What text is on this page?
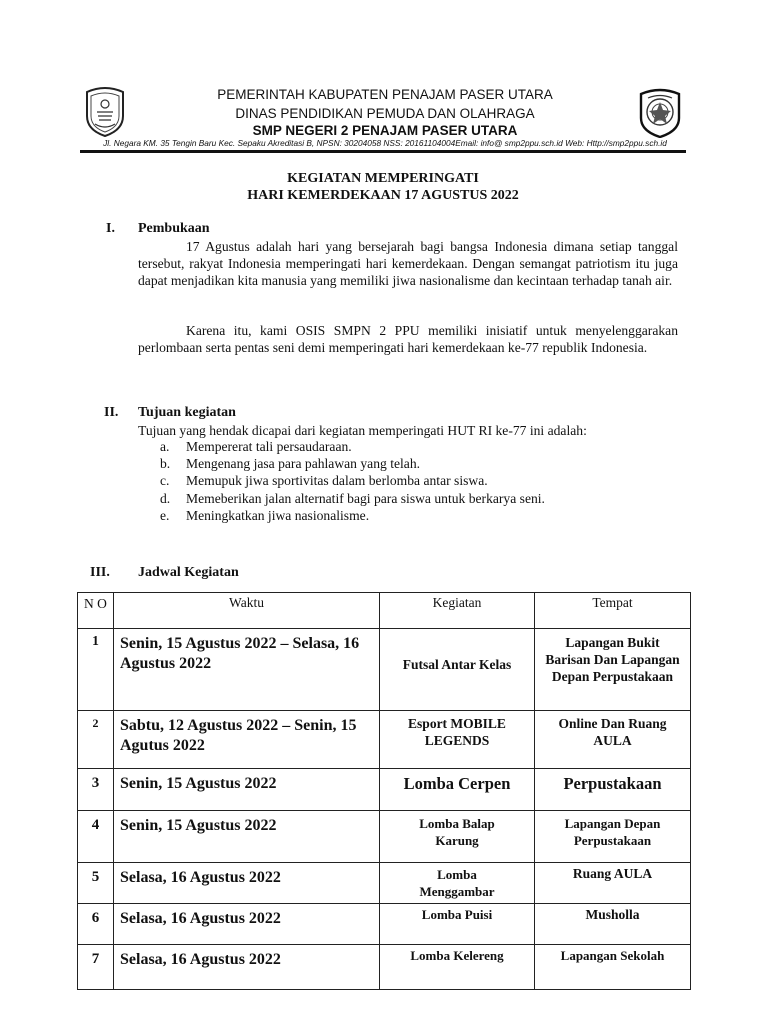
PEMERINTAH KABUPATEN PENAJAM PASER UTARA
DINAS PENDIDIKAN PEMUDA DAN OLAHRAGA
SMP NEGERI 2 PENAJAM PASER UTARA
Jl. Negara KM. 35 Tengin Baru Kec. Sepaku Akreditasi B, NPSN: 30204058 NSS: 20161104004Email: info@ smp2ppu.sch.id Web: Http://smp2ppu.sch.id
KEGIATAN MEMPERINGATI
HARI KEMERDEKAAN 17 AGUSTUS 2022
I. Pembukaan

17 Agustus adalah hari yang bersejarah bagi bangsa Indonesia dimana setiap tanggal tersebut, rakyat Indonesia memperingati hari kemerdekaan. Dengan semangat patriotism itu juga dapat menjadikan kita manusia yang memiliki jiwa nasionalisme dan kecintaan terhadap tanah air.

Karena itu, kami OSIS SMPN 2 PPU memiliki inisiatif untuk menyelenggarakan perlombaan serta pentas seni demi memperingati hari kemerdekaan ke-77 republik Indonesia.

II. Tujuan kegiatan
Tujuan yang hendak dicapai dari kegiatan memperingati HUT RI ke-77 ini adalah:
a.	Mempererat tali persaudaraan.
b.	Mengenang jasa para pahlawan yang telah.
c.	Memupuk jiwa sportivitas dalam berlomba antar siswa.
d.	Memeberikan jalan alternatif bagi para siswa untuk berkarya seni.
e.	Meningkatkan jiwa nasionalisme.
III. Jadwal Kegiatan
N O	Waktu	Kegiatan	Tempat
1	Senin, 15 Agustus 2022 – Selasa, 16 Agustus 2022	Futsal Antar Kelas	Lapangan Bukit Barisan Dan Lapangan Depan Perpustakaan
2	Sabtu, 12 Agustus 2022 – Senin, 15 Agutus 2022	Esport MOBILE LEGENDS	Online Dan Ruang AULA
3	Senin, 15 Agustus 2022	Lomba Cerpen	Perpustakaan
4	Senin, 15 Agustus 2022	Lomba Balap Karung	Lapangan Depan Perpustakaan
5	Selasa, 16 Agustus 2022	Lomba Menggambar	Ruang AULA
6	Selasa, 16 Agustus 2022	Lomba Puisi	Musholla
7	Selasa, 16 Agustus 2022	Lomba Kelereng	Lapangan Sekolah
